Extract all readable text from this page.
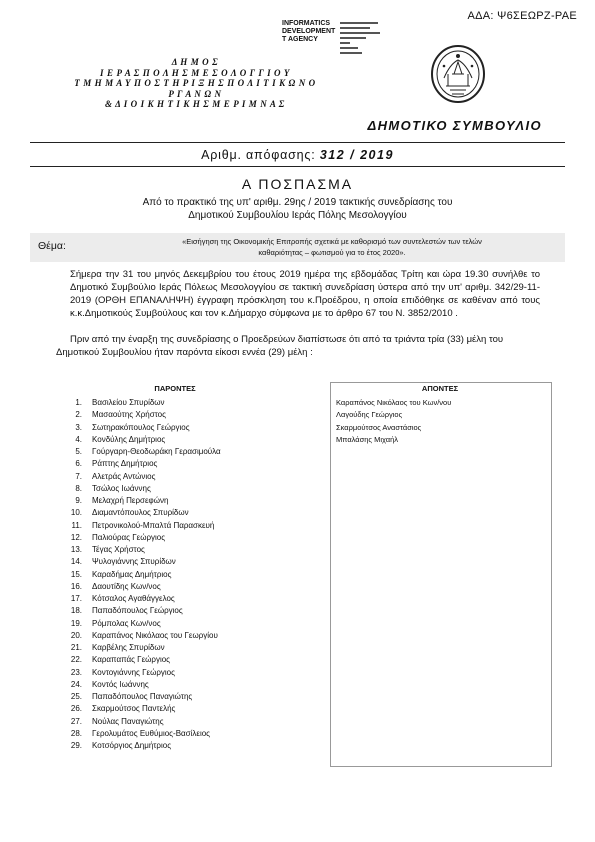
ΑΔΑ: Ψ6ΣΕΩΡΖ-ΡΑΕ
INFORMATICS
DEVELOPMENT
T AGENCY
Δ Η Μ Ο Σ
Ι Ε Ρ Α Σ Π Ο Λ Η Σ Μ Ε Σ Ο Λ Ο Γ Γ Ι Ο Υ
Τ Μ Η Μ Α Υ Π Ο Σ Τ Η Ρ Ι Ξ Η Σ Π Ο Λ Ι Τ Ι Κ Ω Ν Ο Ρ Γ Α Ν Ω Ν
& Δ Ι Ο Ι Κ Η Τ Ι Κ Η Σ Μ Ε Ρ Ι Μ Ν Α Σ
ΔΗΜΟΤΙΚΟ ΣΥΜΒΟΥΛΙΟ
Αριθμ. απόφασης: 312 / 2019
Α ΠΟΣΠΑΣΜΑ
Από το πρακτικό της υπ' αριθμ. 29ης / 2019 τακτικής συνεδρίασης του
Δημοτικού Συμβουλίου Ιεράς Πόλης Μεσολογγίου
Θέμα:	«Εισήγηση της Οικονομικής Επιτροπής σχετικά με καθορισμό των συντελεστών των τελών
καθαριότητας – φωτισμού για το έτος 2020».
Σήμερα την 31 του μηνός Δεκεμβρίου του έτους 2019 ημέρα της εβδομάδας Τρίτη και ώρα 19.30 συνήλθε το Δημοτικό Συμβούλιο Ιεράς Πόλεως Μεσολογγίου σε τακτική συνεδρίαση ύστερα από την υπ' αριθμ. 342/29-11-2019 (ΟΡΘΗ ΕΠΑΝΑΛΗΨΗ) έγγραφη πρόσκληση του κ.Προέδρου, η οποία επιδόθηκε σε καθέναν από τους κ.κ.Δημοτικούς Συμβούλους και τον κ.Δήμαρχο σύμφωνα με το άρθρο 67 του Ν. 3852/2010 .
Πριν από την έναρξη της συνεδρίασης ο Προεδρεύων διαπίστωσε ότι από τα τριάντα τρία (33) μέλη του Δημοτικού Συμβουλίου ήταν παρόντα είκοσι εννέα (29) μέλη :
ΠΑΡΟΝΤΕΣ
1.	Βασιλείου Σπυρίδων
2.	Μασαούτης Χρήστος
3.	Σωτηρακόπουλος Γεώργιος
4.	Κονδύλης Δημήτριος
5.	Γούργαρη-Θεοδωράκη Γερασιμούλα
6.	Ράπτης Δημήτριος
7.	Αλετράς Αντώνιος
8.	Τσώλος Ιωάννης
9.	Μελαχρή Περσεφώνη
10.	Διαμαντόπουλος Σπυρίδων
11.	Πετρονικολού-Μπαλτά Παρασκευή
12.	Παλιούρας Γεώργιος
13.	Τέγας Χρήστος
14.	Ψυλογιάννης Σπυρίδων
15.	Καραδήμας Δημήτριος
16.	Δαουτίδης Κων/νος
17.	Κότσαλος Αγαθάγγελος
18.	Παπαδόπουλος Γεώργιος
19.	Ρόμπολας Κων/νος
20.	Καραπάνος Νικόλαος του Γεωργίου
21.	Καρβέλης Σπυρίδων
22.	Καραπαπάς Γεώργιος
23.	Κοντογιάννης Γεώργιος
24.	Κοντός Ιωάννης
25.	Παπαδόπουλος Παναγιώτης
26.	Σκαρμούτσος Παντελής
27.	Νούλας Παναγιώτης
28.	Γερολυμάτος Ευθύμιος-Βασίλειος
29.	Κοτσόργιος Δημήτριος
ΑΠΟΝΤΕΣ
Καραπάνος Νικόλαος του Κων/νου
Λαγούδης Γεώργιος
Σκαρμούτσος Αναστάσιος
Μπαλάσης Μιχαήλ
